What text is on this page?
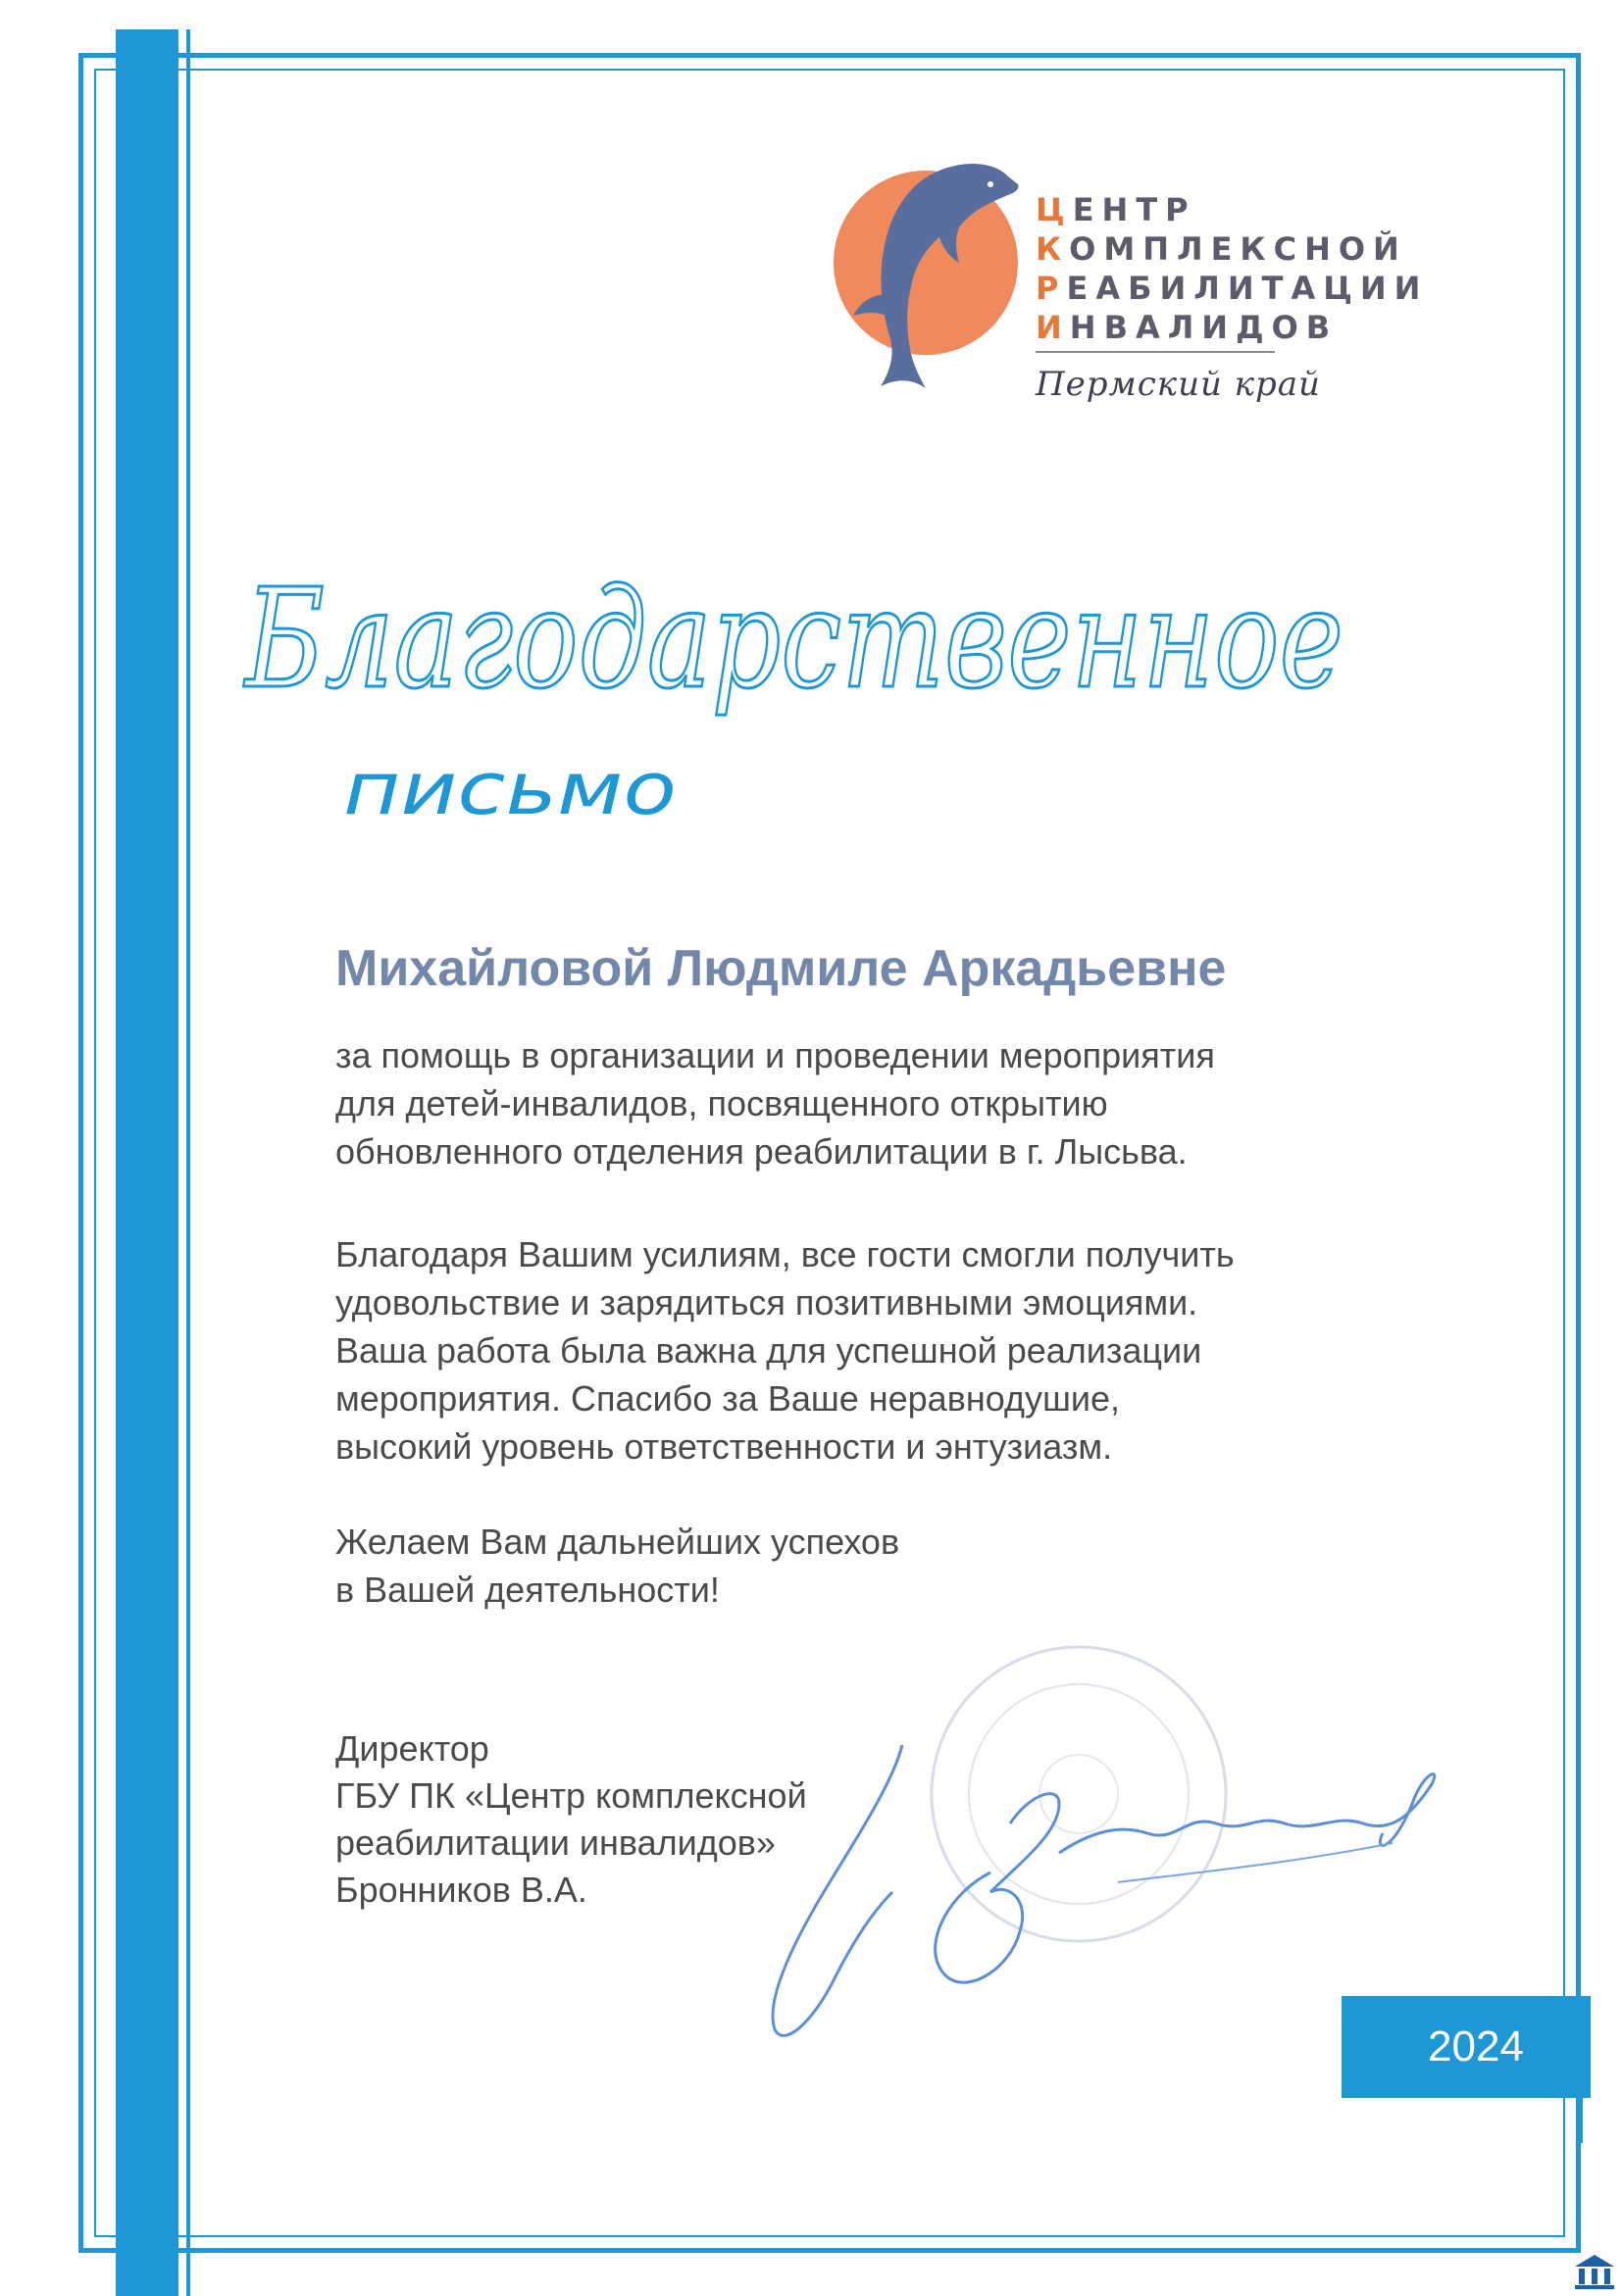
ЦЕНТР
КОМПЛЕКСНОЙ
РЕАБИЛИТАЦИИ
ИНВАЛИДОВ
Пермский край
Благодарственное
письмо
Михайловой Людмиле Аркадьевне
за помощь в организации и проведении мероприятия
для детей-инвалидов, посвященного открытию
обновленного отделения реабилитации в г. Лысьва.
Благодаря Вашим усилиям, все гости смогли получить
удовольствие и зарядиться позитивными эмоциями.
Ваша работа была важна для успешной реализации
мероприятия. Спасибо за Ваше неравнодушие,
высокий уровень ответственности и энтузиазм.
Желаем Вам дальнейших успехов
в Вашей деятельности!
Директор
ГБУ ПК «Центр комплексной
реабилитации инвалидов»
Бронников В.А.
2024
